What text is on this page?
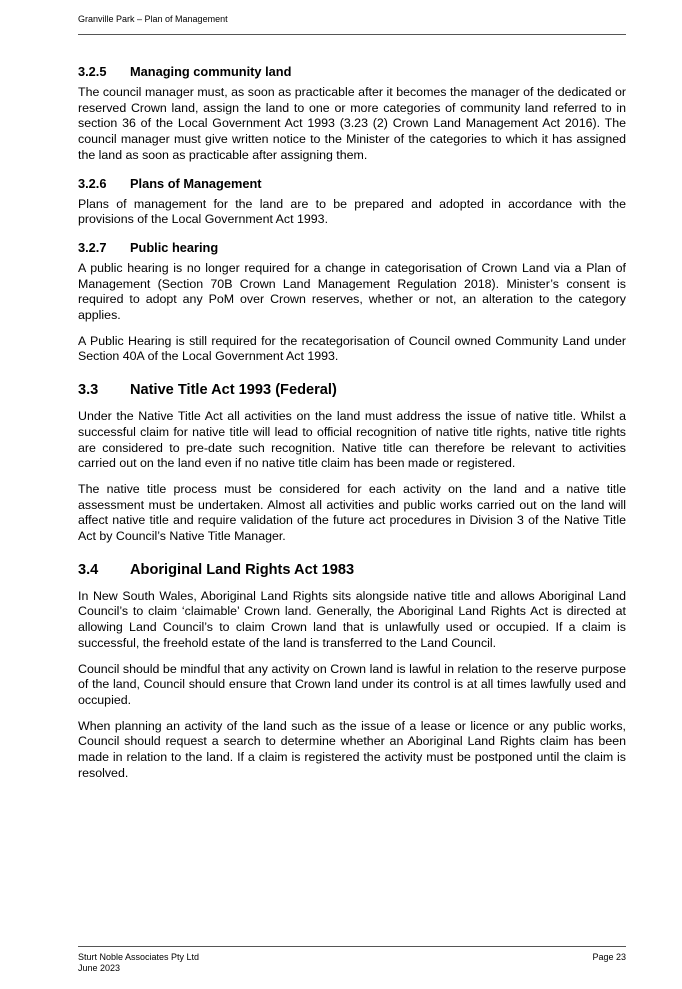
Granville Park – Plan of Management
3.2.5	Managing community land

The council manager must, as soon as practicable after it becomes the manager of the dedicated or reserved Crown land, assign the land to one or more categories of community land referred to in section 36 of the Local Government Act 1993 (3.23 (2) Crown Land Management Act 2016). The council manager must give written notice to the Minister of the categories to which it has assigned the land as soon as practicable after assigning them.

3.2.6	Plans of Management

Plans of management for the land are to be prepared and adopted in accordance with the provisions of the Local Government Act 1993.

3.2.7	Public hearing

A public hearing is no longer required for a change in categorisation of Crown Land via a Plan of Management (Section 70B Crown Land Management Regulation 2018). Minister’s consent is required to adopt any PoM over Crown reserves, whether or not, an alteration to the category applies.

A Public Hearing is still required for the recategorisation of Council owned Community Land under Section 40A of the Local Government Act 1993.

3.3	Native Title Act 1993 (Federal)

Under the Native Title Act all activities on the land must address the issue of native title. Whilst a successful claim for native title will lead to official recognition of native title rights, native title rights are considered to pre-date such recognition. Native title can therefore be relevant to activities carried out on the land even if no native title claim has been made or registered.

The native title process must be considered for each activity on the land and a native title assessment must be undertaken. Almost all activities and public works carried out on the land will affect native title and require validation of the future act procedures in Division 3 of the Native Title Act by Council’s Native Title Manager.

3.4	Aboriginal Land Rights Act 1983

In New South Wales, Aboriginal Land Rights sits alongside native title and allows Aboriginal Land Council’s to claim ‘claimable’ Crown land. Generally, the Aboriginal Land Rights Act is directed at allowing Land Council’s to claim Crown land that is unlawfully used or occupied. If a claim is successful, the freehold estate of the land is transferred to the Land Council.

Council should be mindful that any activity on Crown land is lawful in relation to the reserve purpose of the land, Council should ensure that Crown land under its control is at all times lawfully used and occupied.

When planning an activity of the land such as the issue of a lease or licence or any public works, Council should request a search to determine whether an Aboriginal Land Rights claim has been made in relation to the land. If a claim is registered the activity must be postponed until the claim is resolved.

Sturt Noble Associates Pty Ltd
June 2023
Page 23
